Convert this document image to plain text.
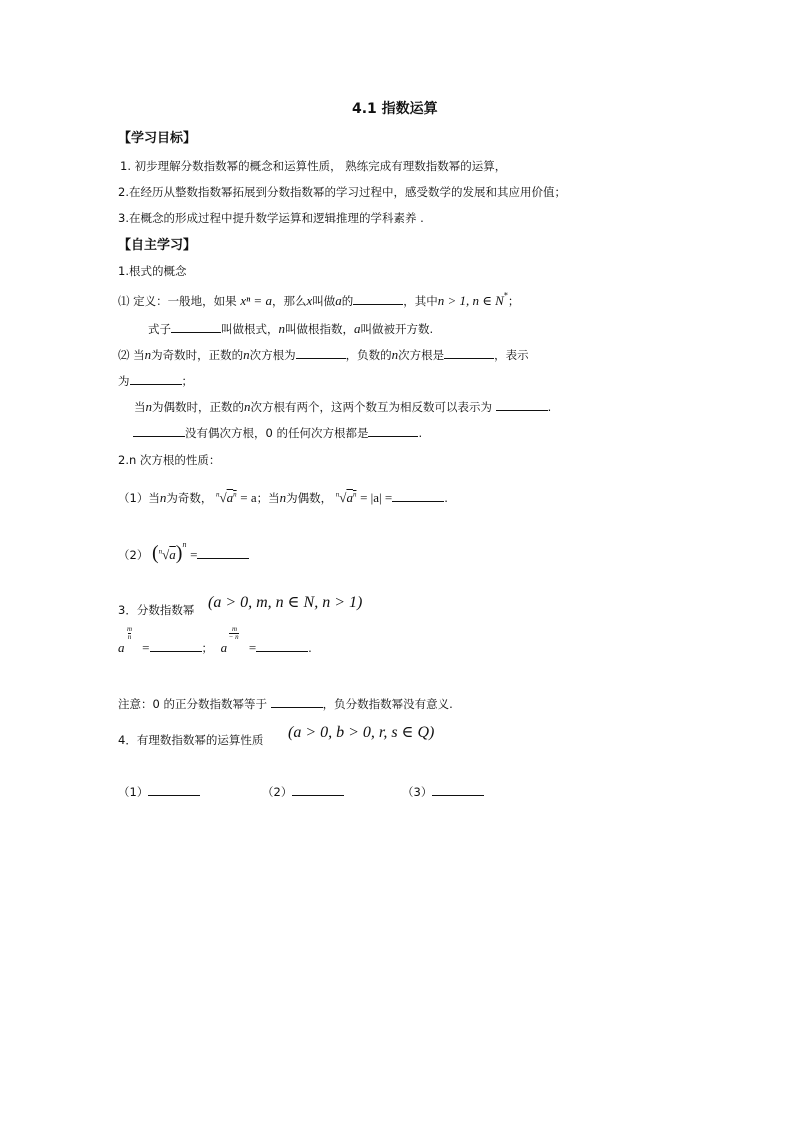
4.1 指数运算
【学习目标】
1. 初步理解分数指数幂的概念和运算性质， 熟练完成有理数指数幂的运算，
2.在经历从整数指数幂拓展到分数指数幂的学习过程中，感受数学的发展和其应用价值；
3.在概念的形成过程中提升数学运算和逻辑推理的学科素养 .
【自主学习】
1.根式的概念
⑴ 定义：一般地，如果 xⁿ = a，那么x叫做a的	，其中n > 1, n ∈ N*；
式子	叫做根式，n叫做根指数，a叫做被开方数.
⑵ 当n为奇数时，正数的n次方根为	，负数的n次方根是	，表示
为	；
当n为偶数时，正数的n次方根有两个，这两个数互为相反数可以表示为	.
没有偶次方根，0 的任何次方根都是	.
2.n 次方根的性质：
（1）当n为奇数， $^n√a^n = a$；当n为偶数， $^n√a^n = |a|$ =	.
（2） $(^n√a)^n$ =
3．分数指数幂 (a > 0, m, n ∈ N, n > 1)
a
m
n
=	； a
m
− n
=	.
注意：0 的正分数指数幂等于	，负分数指数幂没有意义.
4．有理数指数幂的运算性质 (a > 0, b > 0, r, s ∈ Q)
（1）	（2）	（3）
